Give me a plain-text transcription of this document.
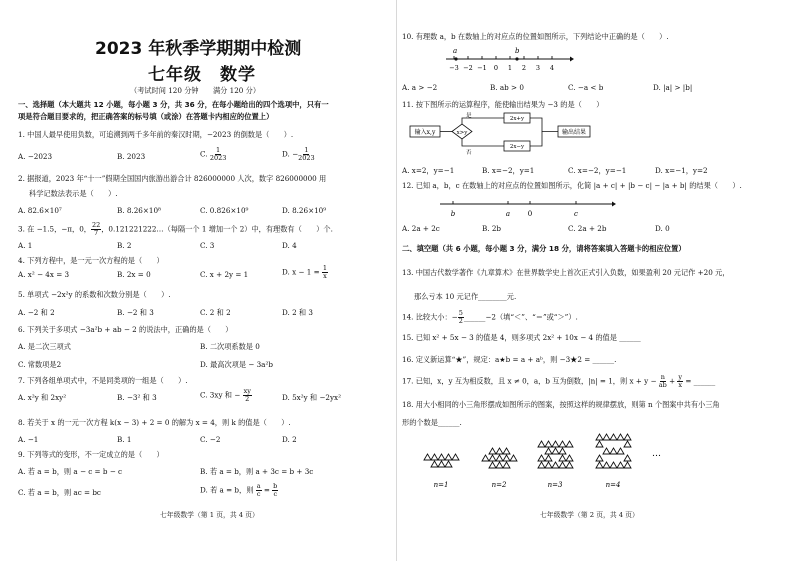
2023 年秋季学期期中检测
七年级　数学
（考试时间 120 分钟　　满分 120 分）
一、选择题（本大题共 12 小题，每小题 3 分，共 36 分，在每小题给出的四个选项中，只有一
项是符合题目要求的，把正确答案的标号填（或涂）在答题卡内相应的位置上）
1. 中国人最早使用负数，可追溯到两千多年前的秦汉时期，−2023 的倒数是（　　）.
A. −2023	B. 2023	C. $\frac{1}{2023}$	D. − $\frac{1}{2023}$
2. 据报道，2023 年“十一”假期全国国内旅游出游合计 826000000 人次，数字 826000000 用
科学记数法表示是（　　）.
A. 82.6×10⁷	B. 8.26×10⁸	C. 0.826×10⁹	D. 8.26×10⁹
3. 在 −1.5，−π，0， $\frac{22}{7}$ ，0.121221222…（每隔一个 1 增加一个 2）中，有理数有（　　）个.
A. 1	B. 2	C. 3	D. 4
4. 下列方程中，是一元一次方程的是（　　）
A. x² − 4x = 3	B. 2x = 0	C. x + 2y = 1	D. $x - 1 = \frac{1}{x}$
5. 单项式 −2x²y 的系数和次数分别是（　　）.
A. −2 和 2	B. −2 和 3	C. 2 和 2	D. 2 和 3
6. 下列关于多项式 −3a²b + ab − 2 的说法中，正确的是（　　）
A. 是二次三项式	B. 二次项系数是 0
C. 常数项是2	D. 最高次项是 − 3a²b
7. 下列各组单项式中，不是同类项的一组是（　　）.
A. x²y 和 2xy²	B. −3² 和 3	C. 3xy 和 − $\frac{xy}{2}$	D. 5x²y 和 −2yx²
8. 若关于 x 的一元一次方程 k(x − 3) + 2 = 0 的解为 x = 4，则 k 的值是（　　）.
A. −1	B. 1	C. −2	D. 2
9. 下列等式的变形，不一定成立的是（　　）
A. 若 a = b，则 a − c = b − c	B. 若 a = b，则 a + 3c = b + 3c
C. 若 a = b，则 ac = bc	D. 若 a = b，则 $\frac{a}{c} = \frac{b}{c}$
七年级数学（第 1 页，共 4 页）
10. 有理数 a，b 在数轴上的对应点的位置如图所示，下列结论中正确的是（　　）.
a	b
−3 −2 −1 0 1 2 3 4
A. a > −2	B. ab > 0	C. −a < b	D. |a| > |b|
11. 按下图所示的运算程序，能使输出结果为 −3 的是（　　）
输入x,y	x>y
是
否
2x+y
2x−y
输出结果
A. x=2，y=−1	B. x=−2，y=1	C. x=−2，y=−1	D. x=−1，y=2
12. 已知 a，b，c 在数轴上的对应点的位置如图所示，化简 |a + c| + |b − c| − |a + b| 的结果（　　）.
b	a	0	c
A. 2a + 2c	B. 2b	C. 2a + 2b	D. 0
二、填空题（共 6 小题，每小题 3 分，满分 18 分，请将答案填入答题卡的相应位置）
13. 中国古代数学著作《九章算术》在世界数学史上首次正式引入负数，如果盈利 20 元记作 +20 元，
那么亏本 10 元记作________元.
14. 比较大小：− $\frac{5}{2}$ ______−2（填“＜”、“＝”或“＞”）.
15. 已知 x² + 5x − 3 的值是 4，则多项式 2x² + 10x − 4 的值是 ______
16. 定义新运算“★”，规定：a★b = a + aᵇ，则 −3★2 = ______.
17. 已知，x，y 互为相反数，且 x ≠ 0，a，b 互为倒数，|n| = 1，则 $x + y - \frac{n}{ab} + \frac{y}{x}$ = ______
18. 用大小相同的小三角形摆成如图所示的图案，按照这样的规律摆放，则第 n 个图案中共有小三角
形的个数是______.
…
n=1	n=2	n=3	n=4
七年级数学（第 2 页，共 4 页）
